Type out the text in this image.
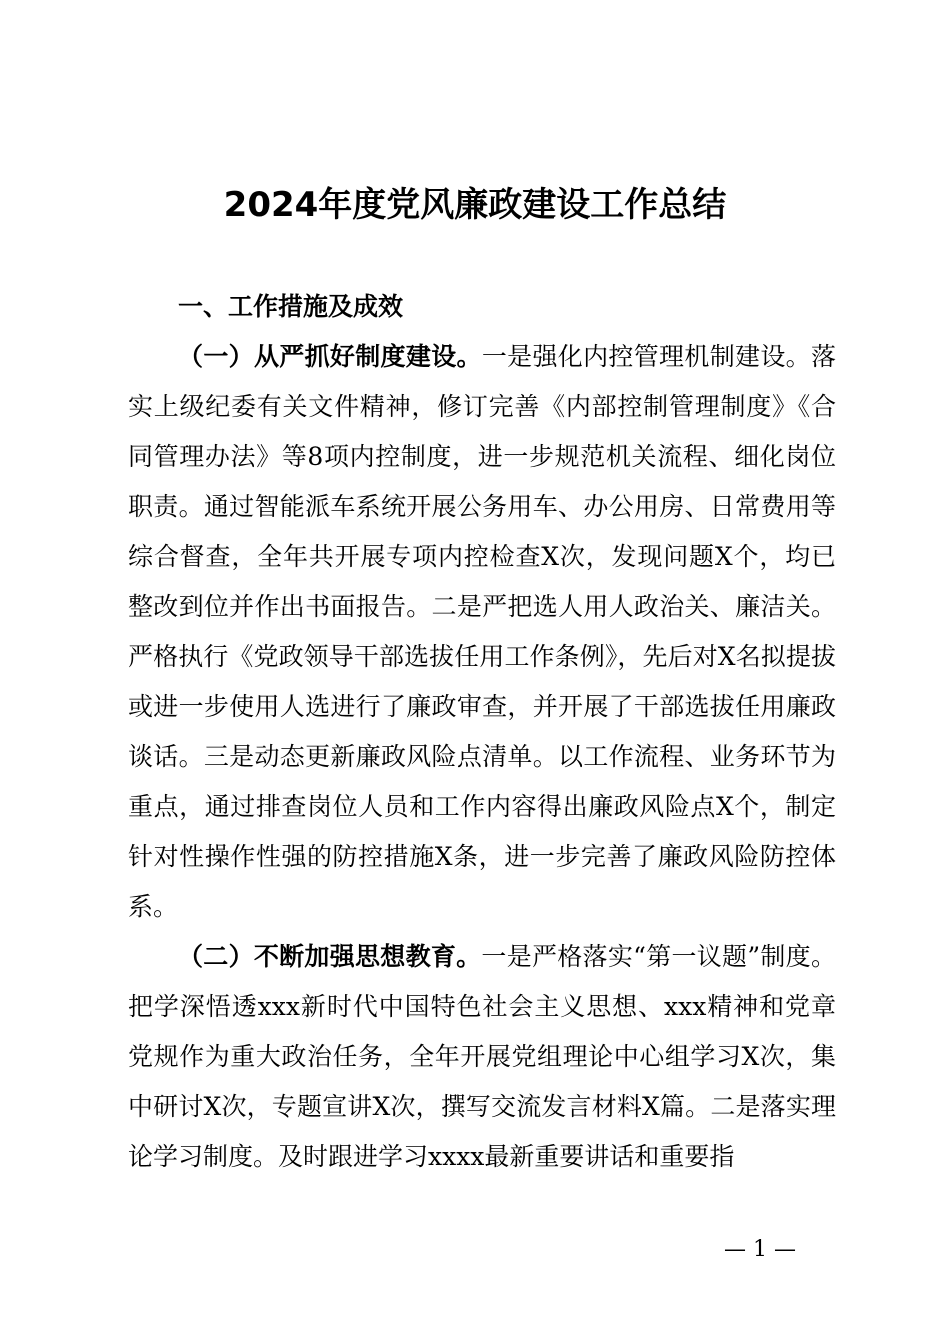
2024年度党风廉政建设工作总结

一、工作措施及成效

（一）从严抓好制度建设。一是强化内控管理机制建设。落实上级纪委有关文件精神，修订完善《内部控制管理制度》《合同管理办法》等8项内控制度，进一步规范机关流程、细化岗位职责。通过智能派车系统开展公务用车、办公用房、日常费用等综合督查，全年共开展专项内控检查X次，发现问题X个，均已整改到位并作出书面报告。二是严把选人用人政治关、廉洁关。严格执行《党政领导干部选拔任用工作条例》，先后对X名拟提拔或进一步使用人选进行了廉政审查，并开展了干部选拔任用廉政谈话。三是动态更新廉政风险点清单。以工作流程、业务环节为重点，通过排查岗位人员和工作内容得出廉政风险点X个，制定针对性操作性强的防控措施X条，进一步完善了廉政风险防控体系。

（二）不断加强思想教育。一是严格落实“第一议题”制度。把学深悟透xxx新时代中国特色社会主义思想、xxx精神和党章党规作为重大政治任务，全年开展党组理论中心组学习X次，集中研讨X次，专题宣讲X次，撰写交流发言材料X篇。二是落实理论学习制度。及时跟进学习xxxx最新重要讲话和重要指

— 1 —
